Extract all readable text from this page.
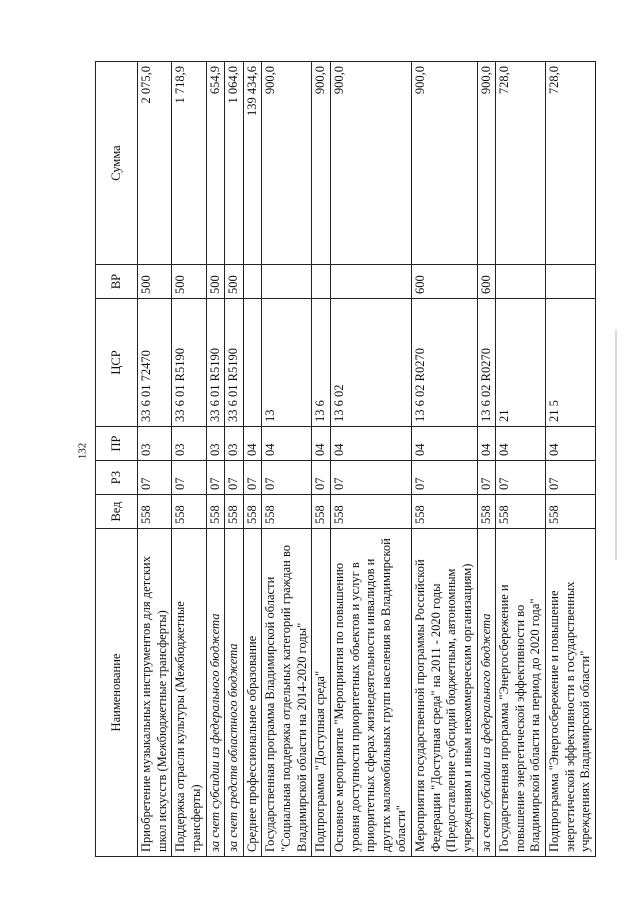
132
Наименование	Вед	РЗ	ПР	ЦСР	ВР	Сумма
Приобретение музыкальных инструментов для детских школ искусств (Межбюджетные трансферты)	558	07	03	33 6 01 72470	500	2 075,0
Поддержка отрасли культуры (Межбюджетные трансферты)	558	07	03	33 6 01 R5190	500	1 718,9
за счет субсидии из федерального бюджета	558	07	03	33 6 01 R5190	500	654,9
за счет средств областного бюджета	558	07	03	33 6 01 R5190	500	1 064,0
Среднее профессиональное образование	558	07	04			139 434,6
Государственная программа Владимирской области "Социальная поддержка отдельных категорий граждан во Владимирской области на 2014-2020 годы"	558	07	04	13		900,0
Подпрограмма "Доступная среда"	558	07	04	13 6		900,0
Основное мероприятие "Мероприятия по повышению уровня доступности приоритетных объектов и услуг в приоритетных сферах жизнедеятельности инвалидов и других маломобильных групп населения во Владимирской области"	558	07	04	13 6 02		900,0
Мероприятия государственной программы Российской Федерации "Доступная среда" на 2011 - 2020 годы (Предоставление субсидий бюджетным, автономным учреждениям и иным некоммерческим организациям)	558	07	04	13 6 02 R0270	600	900,0
за счет субсидии из федерального бюджета	558	07	04	13 6 02 R0270	600	900,0
Государственная программа "Энергосбережение и повышение энергетической эффективности во Владимирской области на период до 2020 года"	558	07	04	21		728,0
Подпрограмма "Энергосбережение и повышение энергетической эффективности в государственных учреждениях Владимирской области"	558	07	04	21 5		728,0
